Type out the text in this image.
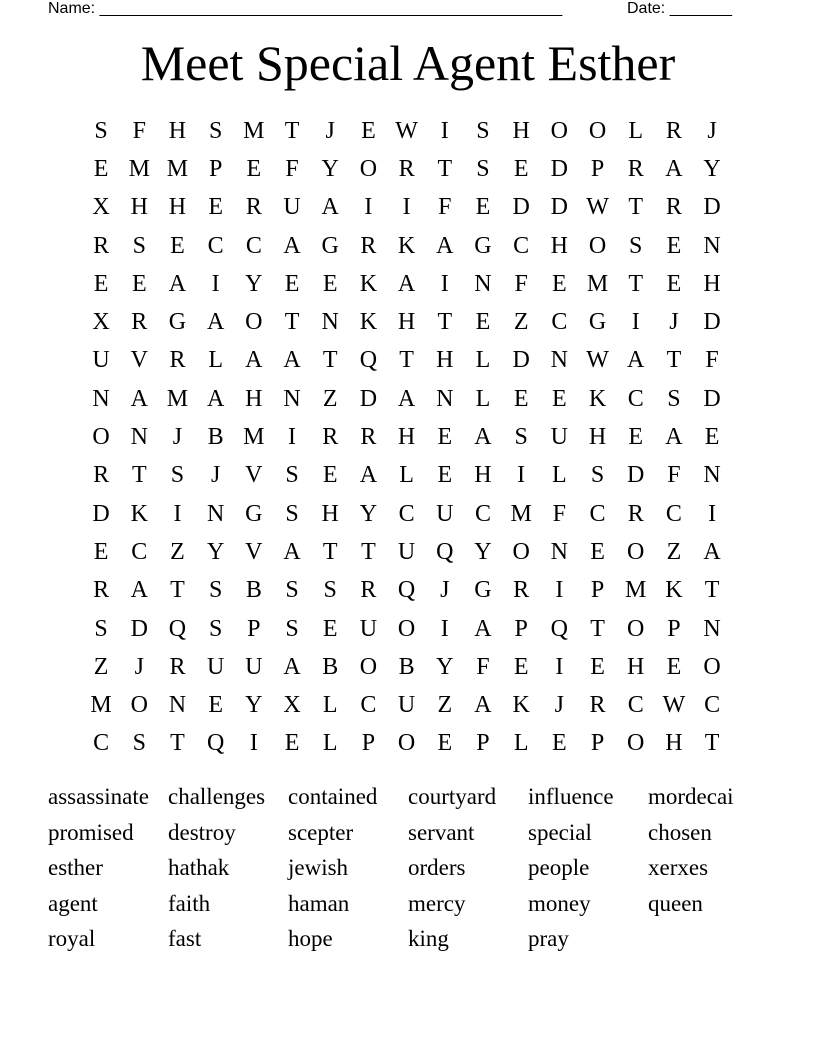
Name: ____________________________________________________	Date: _______
Meet Special Agent Esther
S	F H S M T	J	E W I	S H O O L R	J
E M M P	E	F Y O R T	S	E D P R A Y
X H H E R U A	I	I	F	E D D W T R D
R S	E C C A G R K A G C H O S	E N
E E A	I	Y E E K A	I	N F	E M T E H
X R G A O T N K H T E Z C G	I	J	D
U V R L A A T Q T H L D N W A T	F
N A M A H N Z D A N L E E K C S D
O N	J	B M I	R R H E A S U H E A E
R T	S	J	V S	E A L E H	I	L	S D F N
D K	I	N G S H Y C U C M F C R C	I
E C Z Y V A T T U Q Y O N E O Z A
R A T	S B S	S R Q	J	G R	I	P M K T
S D Q S	P	S	E U O	I	A P Q T O P N
Z	J	R U U A B O B Y F	E	I	E H E O
M O N E Y X L C U Z A K	J	R C W C
C S	T Q	I	E L	P O E	P	L E	P O H T
assassinate challenges contained	courtyard	influence	mordecai
promised	destroy	scepter	servant	special	chosen
esther	hathak	jewish	orders	people	xerxes
agent	faith	haman	mercy	money	queen
royal	fast	hope	king	pray
